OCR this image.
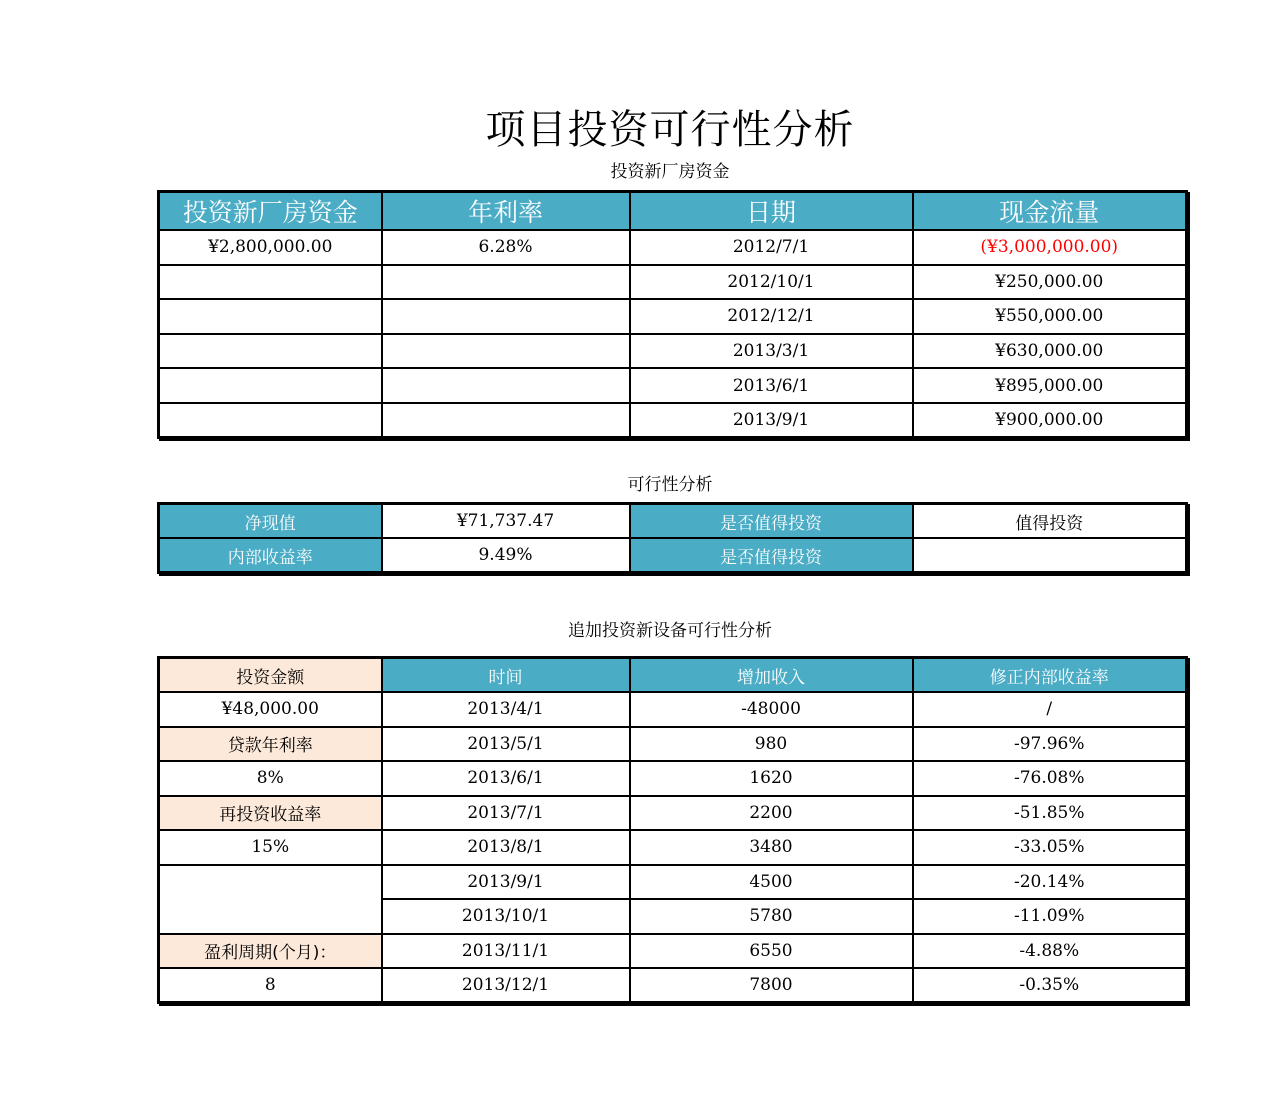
项目投资可行性分析
投资新厂房资金
投资新厂房资金	年利率	日期	现金流量
¥2,800,000.00	6.28%	2012/7/1	(¥3,000,000.00)
		2012/10/1	¥250,000.00
		2012/12/1	¥550,000.00
		2013/3/1	¥630,000.00
		2013/6/1	¥895,000.00
		2013/9/1	¥900,000.00
可行性分析
净现值	¥71,737.47	是否值得投资	值得投资
内部收益率	9.49%	是否值得投资	
追加投资新设备可行性分析
投资金额	时间	增加收入	修正内部收益率
¥48,000.00	2013/4/1	-48000	/
贷款年利率	2013/5/1	980	-97.96%
8%	2013/6/1	1620	-76.08%
再投资收益率	2013/7/1	2200	-51.85%
15%	2013/8/1	3480	-33.05%
	2013/9/1	4500	-20.14%
	2013/10/1	5780	-11.09%
盈利周期(个月)：	2013/11/1	6550	-4.88%
8	2013/12/1	7800	-0.35%
